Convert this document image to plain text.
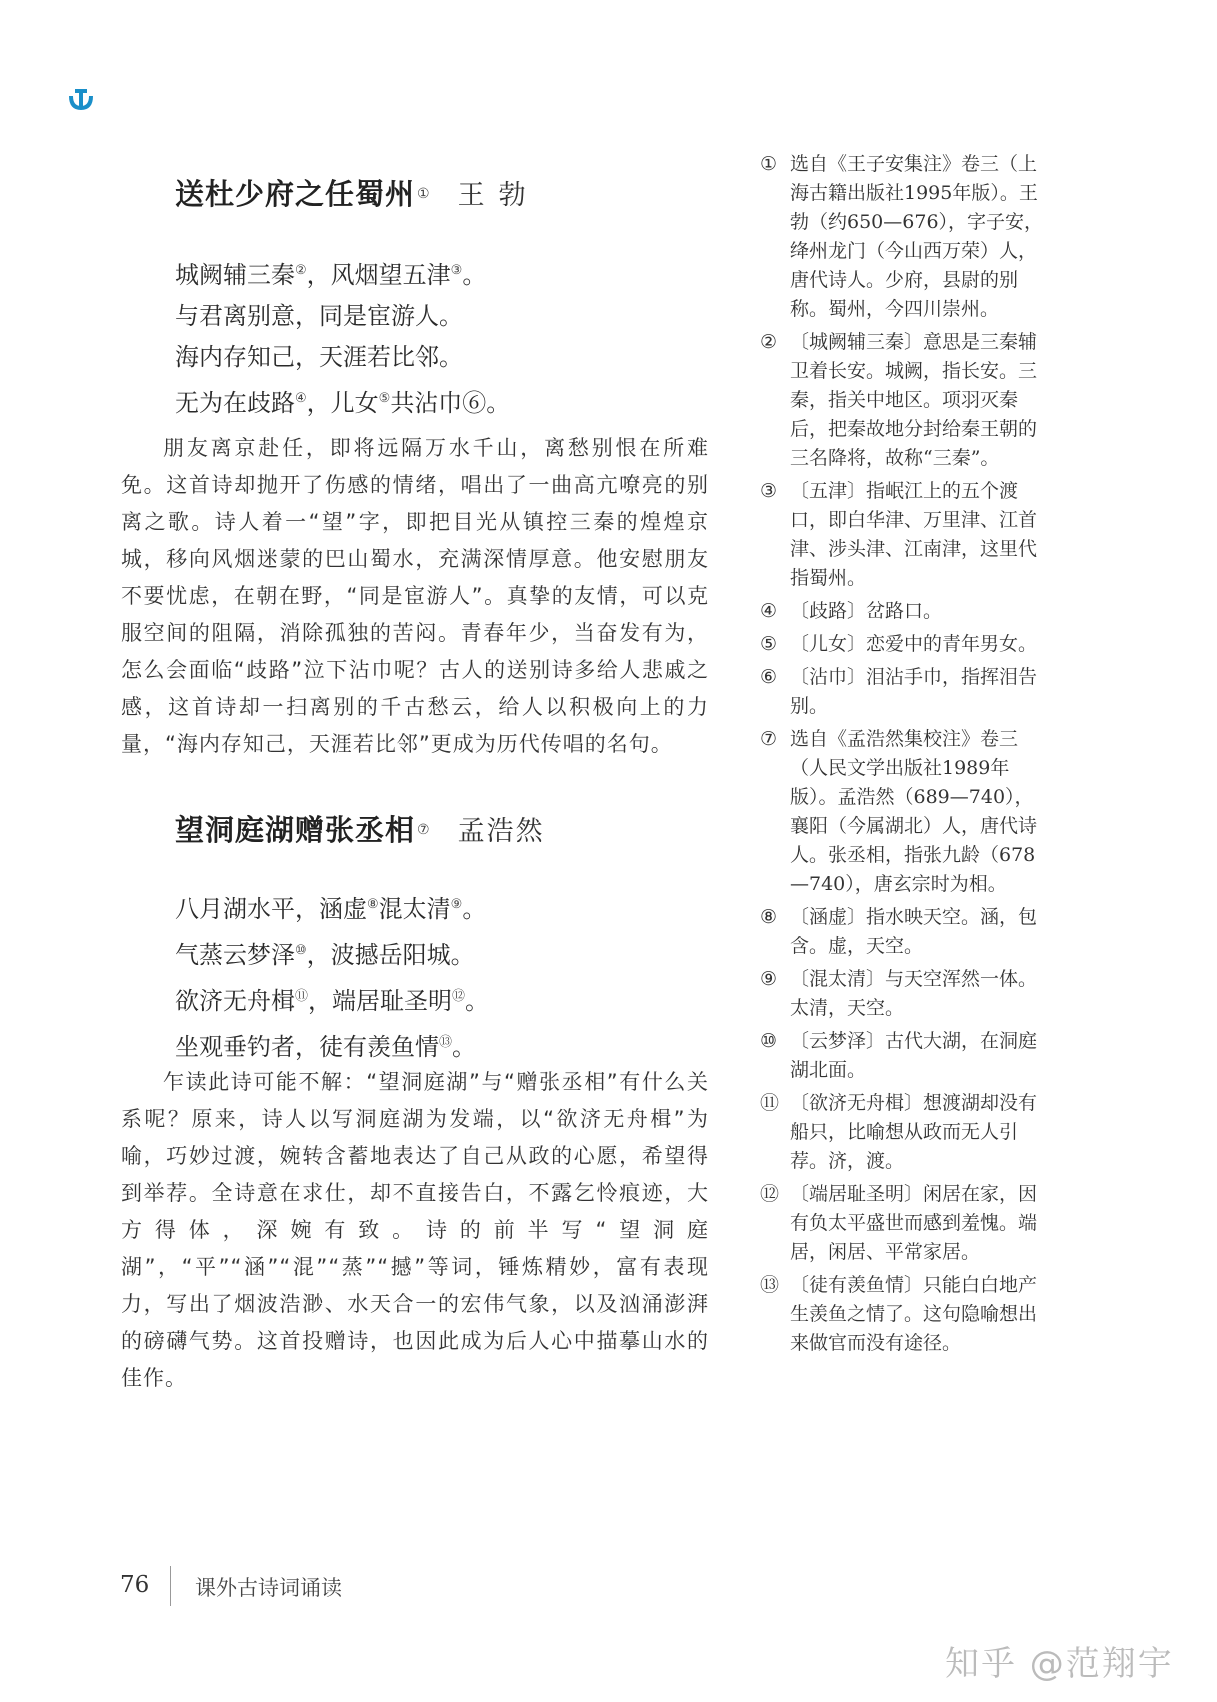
送杜少府之任蜀州 ① 王勃
城阙辅三秦②，风烟望五津③。
与君离别意，同是宦游人。
海内存知己，天涯若比邻。
无为在歧路④，儿女⑤共沾巾⑥。
朋友离京赴任，即将远隔万水千山，离愁别恨在所难免。这首诗却抛开了伤感的情绪，唱出了一曲高亢嘹亮的别离之歌。诗人着一“望”字，即把目光从镇控三秦的煌煌京城，移向风烟迷蒙的巴山蜀水，充满深情厚意。他安慰朋友不要忧虑，在朝在野，“同是宦游人”。真挚的友情，可以克服空间的阻隔，消除孤独的苦闷。青春年少，当奋发有为，怎么会面临“歧路”泣下沾巾呢？古人的送别诗多给人悲戚之感，这首诗却一扫离别的千古愁云，给人以积极向上的力量，“海内存知己，天涯若比邻”更成为历代传唱的名句。
望洞庭湖赠张丞相 ⑦ 孟浩然
八月湖水平，涵虚⑧混太清⑨。
气蒸云梦泽⑩，波撼岳阳城。
欲济无舟楫⑪，端居耻圣明⑫。
坐观垂钓者，徒有羡鱼情⑬。
乍读此诗可能不解：“望洞庭湖”与“赠张丞相”有什么关系呢？原来，诗人以写洞庭湖为发端，以“欲济无舟楫”为喻，巧妙过渡，婉转含蓄地表达了自己从政的心愿，希望得到举荐。全诗意在求仕，却不直接告白，不露乞怜痕迹，大方得体，深婉有致。诗的前半写“望洞庭湖”，“平”“涵”“混”“蒸”“撼”等词，锤炼精妙，富有表现力，写出了烟波浩渺、水天合一的宏伟气象，以及汹涌澎湃的磅礴气势。这首投赠诗，也因此成为后人心中描摹山水的佳作。
① 选自《王子安集注》卷三（上海古籍出版社1995年版）。王勃（约650—676），字子安，绛州龙门（今山西万荣）人，唐代诗人。少府，县尉的别称。蜀州，今四川崇州。
② 〔城阙辅三秦〕意思是三秦辅卫着长安。城阙，指长安。三秦，指关中地区。项羽灭秦后，把秦故地分封给秦王朝的三名降将，故称“三秦”。
③ 〔五津〕指岷江上的五个渡口，即白华津、万里津、江首津、涉头津、江南津，这里代指蜀州。
④ 〔歧路〕岔路口。
⑤ 〔儿女〕恋爱中的青年男女。
⑥ 〔沾巾〕泪沾手巾，指挥泪告别。
⑦ 选自《孟浩然集校注》卷三（人民文学出版社1989年版）。孟浩然（689—740），襄阳（今属湖北）人，唐代诗人。张丞相，指张九龄（678—740），唐玄宗时为相。
⑧ 〔涵虚〕指水映天空。涵，包含。虚，天空。
⑨ 〔混太清〕与天空浑然一体。太清，天空。
⑩ 〔云梦泽〕古代大湖，在洞庭湖北面。
⑪ 〔欲济无舟楫〕想渡湖却没有船只，比喻想从政而无人引荐。济，渡。
⑫ 〔端居耻圣明〕闲居在家，因有负太平盛世而感到羞愧。端居，闲居、平常家居。
⑬ 〔徒有羡鱼情〕只能白白地产生羡鱼之情了。这句隐喻想出来做官而没有途径。
76 课外古诗词诵读
知乎 @范翔宇
